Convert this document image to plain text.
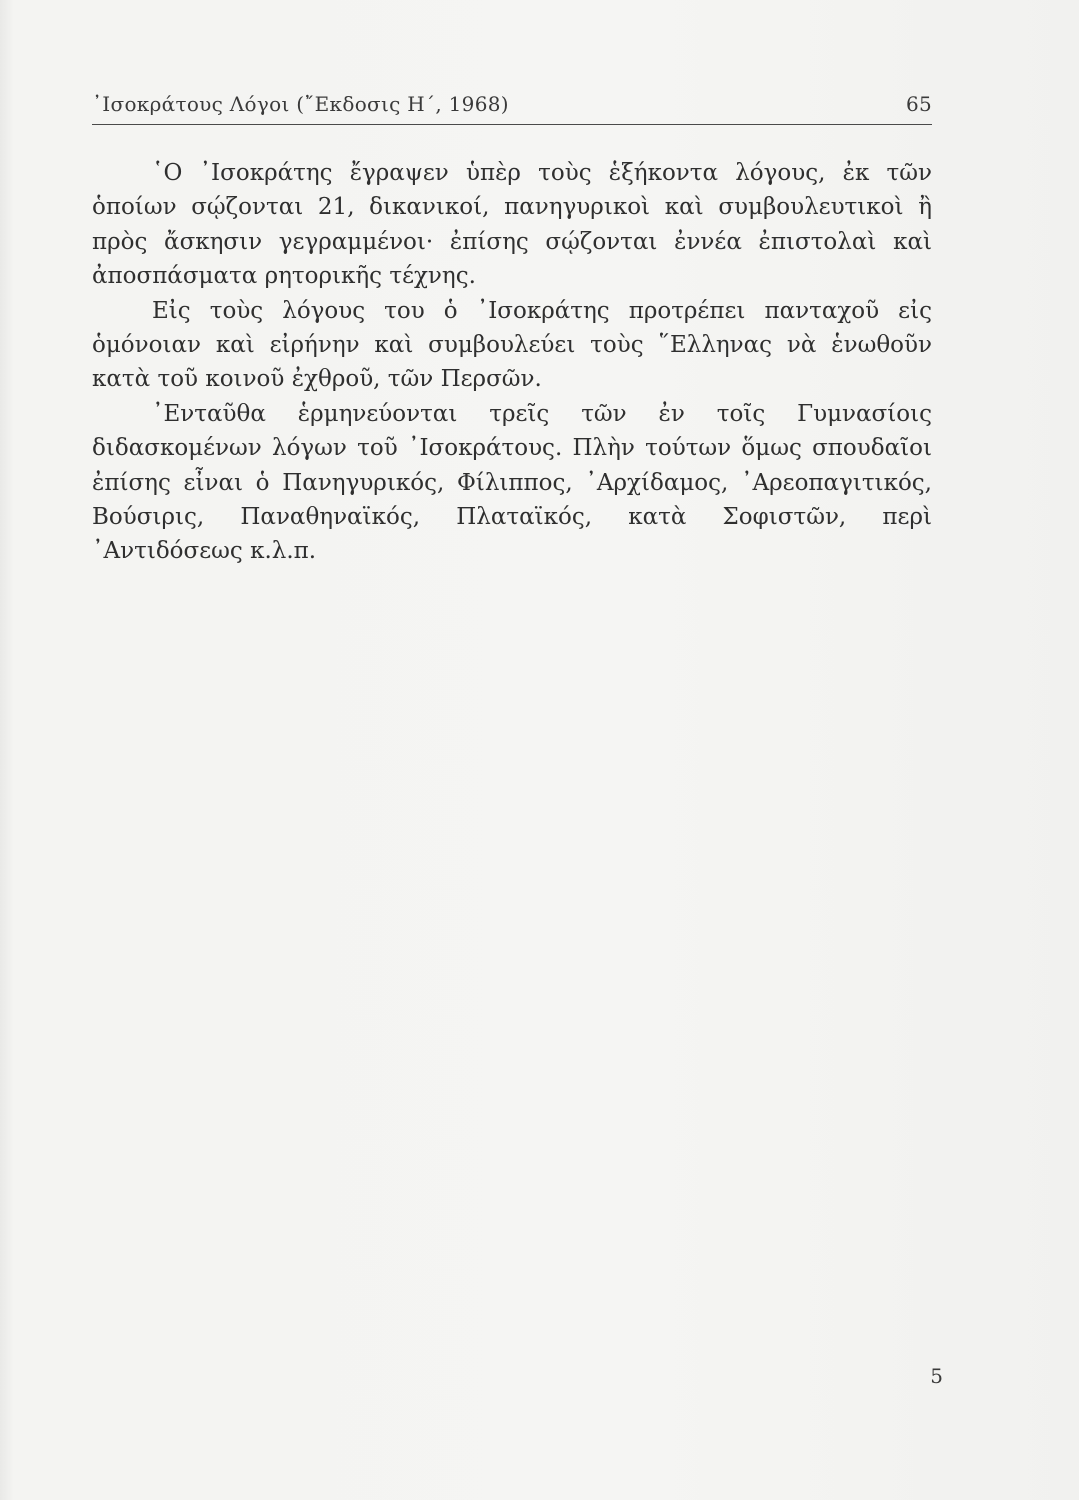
᾿Ισοκράτους Λόγοι (῎Εκδοσις Η΄, 1968)	65

῾Ο ᾿Ισοκράτης ἔγραψεν ὑπὲρ τοὺς ἑξήκοντα λόγους, ἐκ τῶν ὁποίων σῴζονται 21, δικανικοί, πανηγυρικοὶ καὶ συμβουλευτικοὶ ἢ πρὸς ἄσκησιν γεγραμμένοι· ἐπίσης σῴζονται ἐννέα ἐπιστολαὶ καὶ ἀποσπάσματα ρητορικῆς τέχνης.

Εἰς τοὺς λόγους του ὁ ᾿Ισοκράτης προτρέπει πανταχοῦ εἰς ὁμόνοιαν καὶ εἰρήνην καὶ συμβουλεύει τοὺς ῞Ελληνας νὰ ἑνωθοῦν κατὰ τοῦ κοινοῦ ἐχθροῦ, τῶν Περσῶν.

᾿Ενταῦθα ἑρμηνεύονται τρεῖς τῶν ἐν τοῖς Γυμνασίοις διδασκομένων λόγων τοῦ ᾿Ισοκράτους. Πλὴν τούτων ὅμως σπουδαῖοι ἐπίσης εἶναι ὁ Πανηγυρικός, Φίλιππος, ᾿Αρχίδαμος, ᾿Αρεοπαγιτικός, Βούσιρις, Παναθηναϊκός, Πλαταϊκός, κατὰ Σοφιστῶν, περὶ ᾿Αντιδόσεως κ.λ.π.

5
